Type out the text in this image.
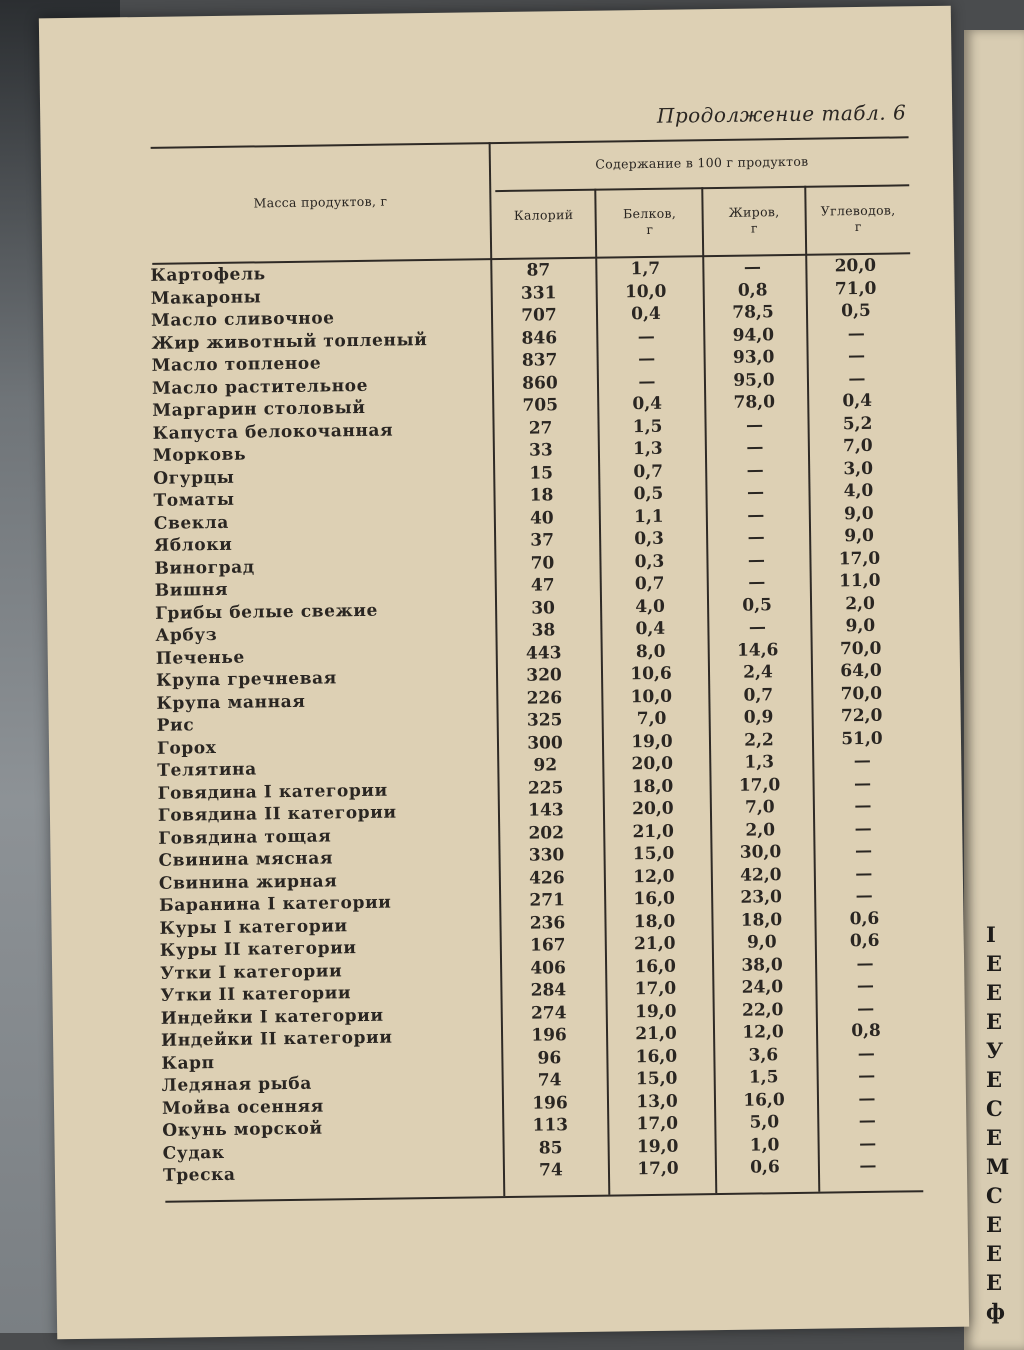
І
Е
Е
Е
У
Е
С
Е
М
С
Е
Е
Е
ф
Продолжение табл. 6
Масса продуктов, г
Содержание в 100 г продуктов
Калорий	Белков,
г
Жиров,
г
Углеводов,
г
Картофель	87	1,7	—	20,0
Макароны	331	10,0	0,8	71,0
Масло сливочное	707	0,4	78,5	0,5
Жир животный топленый	846	—	94,0	—
Масло топленое	837	—	93,0	—
Масло растительное	860	—	95,0	—
Маргарин столовый	705	0,4	78,0	0,4
Капуста белокочанная	27	1,5	—	5,2
Морковь	33	1,3	—	7,0
Огурцы	15	0,7	—	3,0
Томаты	18	0,5	—	4,0
Свекла	40	1,1	—	9,0
Яблоки	37	0,3	—	9,0
Виноград	70	0,3	—	17,0
Вишня	47	0,7	—	11,0
Грибы белые свежие	30	4,0	0,5	2,0
Арбуз	38	0,4	—	9,0
Печенье	443	8,0	14,6	70,0
Крупа гречневая	320	10,6	2,4	64,0
Крупа манная	226	10,0	0,7	70,0
Рис	325	7,0	0,9	72,0
Горох	300	19,0	2,2	51,0
Телятина	92	20,0	1,3	—
Говядина I категории	225	18,0	17,0	—
Говядина II категории	143	20,0	7,0	—
Говядина тощая	202	21,0	2,0	—
Свинина мясная	330	15,0	30,0	—
Свинина жирная	426	12,0	42,0	—
Баранина I категории	271	16,0	23,0	—
Куры I категории	236	18,0	18,0	0,6
Куры II категории	167	21,0	9,0	0,6
Утки I категории	406	16,0	38,0	—
Утки II категории	284	17,0	24,0	—
Индейки I категории	274	19,0	22,0	—
Индейки II категории	196	21,0	12,0	0,8
Карп	96	16,0	3,6	—
Ледяная рыба	74	15,0	1,5	—
Мойва осенняя	196	13,0	16,0	—
Окунь морской	113	17,0	5,0	—
Судак	85	19,0	1,0	—
Треска	74	17,0	0,6	—
